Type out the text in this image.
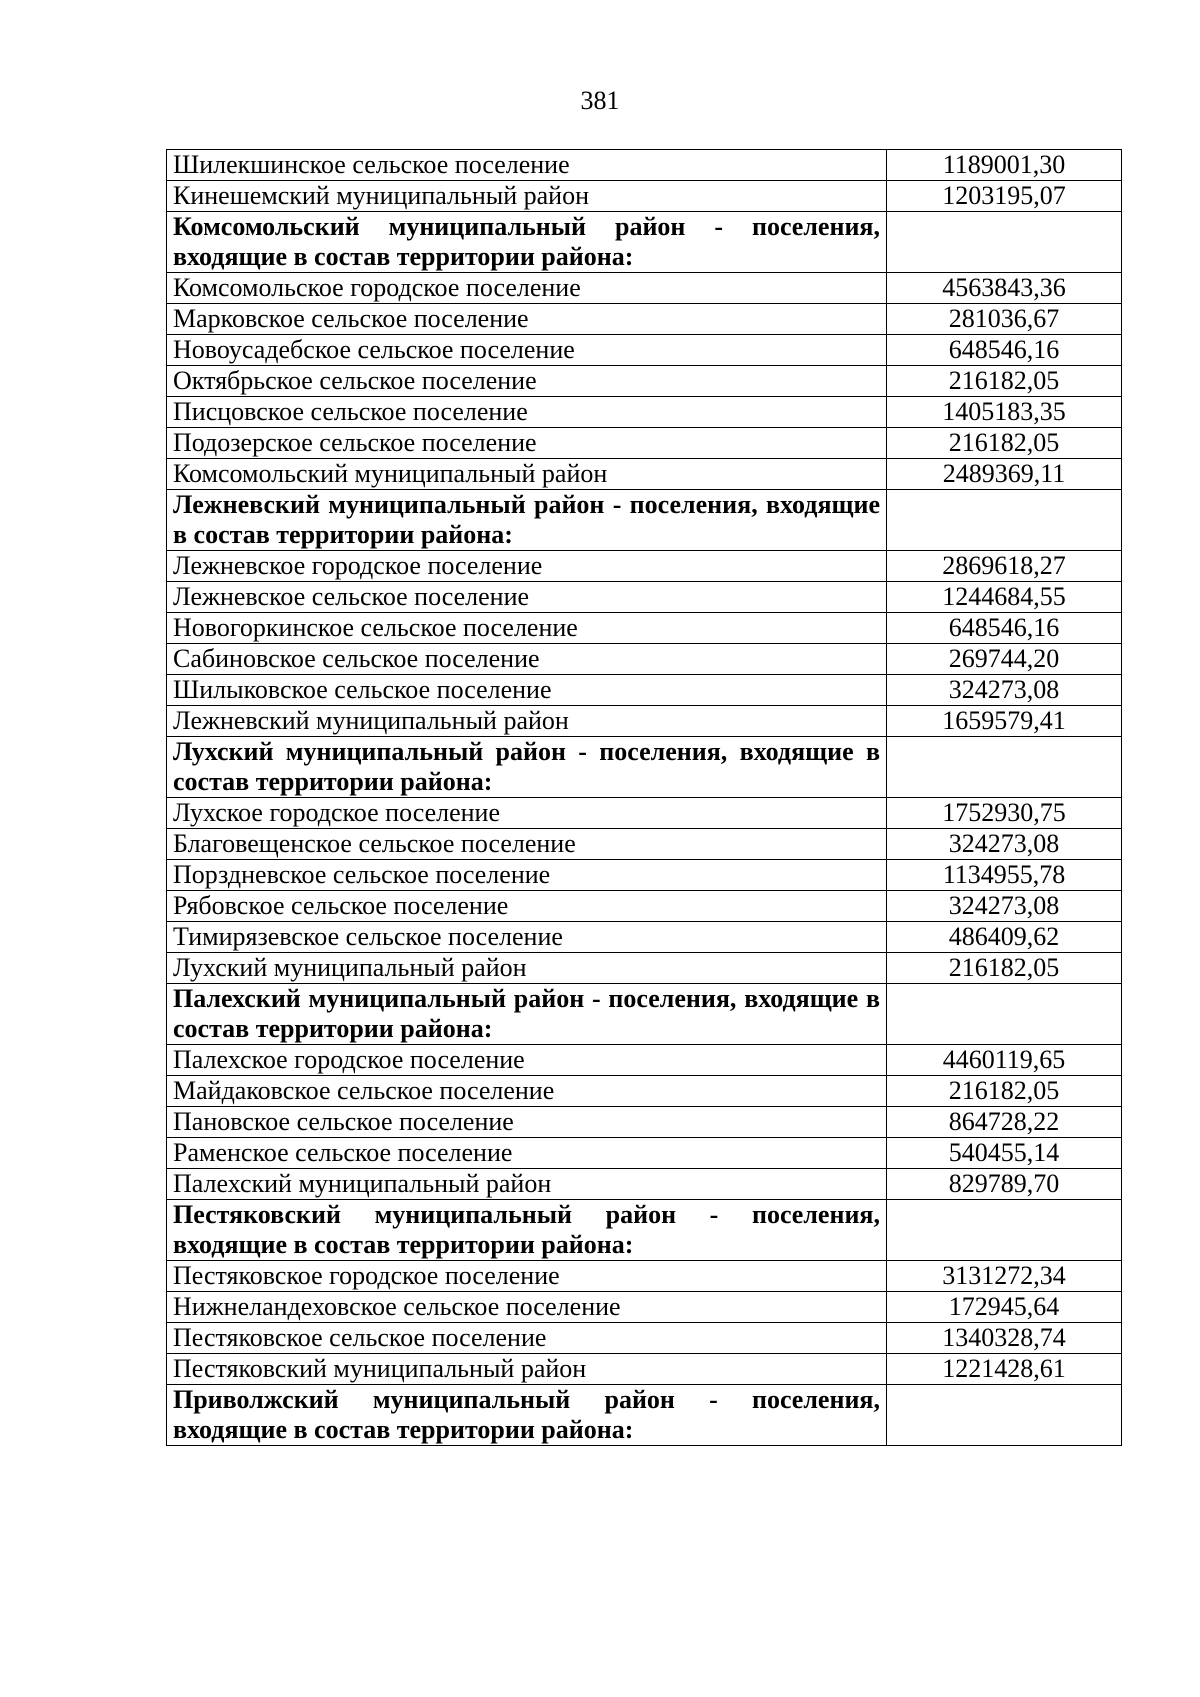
381
Шилекшинское сельское поселение	1189001,30
Кинешемский муниципальный район	1203195,07
Комсомольский муниципальный район - поселения, входящие в состав территории района:	
Комсомольское городское поселение	4563843,36
Марковское сельское поселение	281036,67
Новоусадебское сельское поселение	648546,16
Октябрьское сельское поселение	216182,05
Писцовское сельское поселение	1405183,35
Подозерское сельское поселение	216182,05
Комсомольский муниципальный район	2489369,11
Лежневский муниципальный район - поселения, входящие в состав территории района:	
Лежневское городское поселение	2869618,27
Лежневское сельское поселение	1244684,55
Новогоркинское сельское поселение	648546,16
Сабиновское сельское поселение	269744,20
Шилыковское сельское поселение	324273,08
Лежневский муниципальный район	1659579,41
Лухский муниципальный район - поселения, входящие в состав территории района:	
Лухское городское поселение	1752930,75
Благовещенское сельское поселение	324273,08
Порздневское сельское поселение	1134955,78
Рябовское сельское поселение	324273,08
Тимирязевское сельское поселение	486409,62
Лухский муниципальный район	216182,05
Палехский муниципальный район - поселения, входящие в состав территории района:	
Палехское городское поселение	4460119,65
Майдаковское сельское поселение	216182,05
Пановское сельское поселение	864728,22
Раменское сельское поселение	540455,14
Палехский муниципальный район	829789,70
Пестяковский муниципальный район - поселения, входящие в состав территории района:	
Пестяковское городское поселение	3131272,34
Нижнеландеховское сельское поселение	172945,64
Пестяковское сельское поселение	1340328,74
Пестяковский муниципальный район	1221428,61
Приволжский муниципальный район - поселения, входящие в состав территории района:	
